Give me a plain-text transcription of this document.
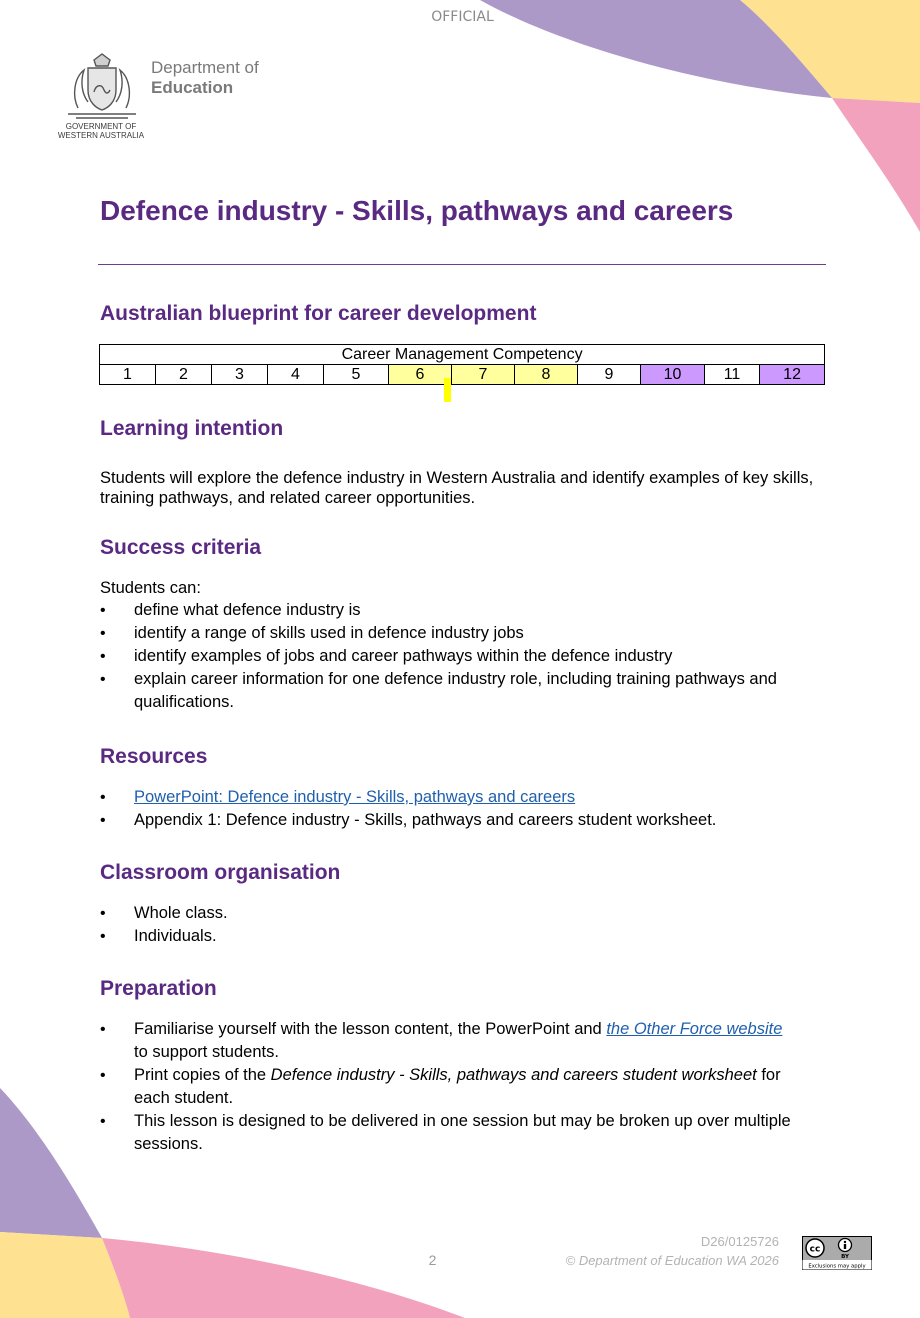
OFFICIAL
GOVERNMENT OF
WESTERN AUSTRALIA
Department of
Education
Defence industry - Skills, pathways and careers
Australian blueprint for career development
Career Management Competency
1	2	3	4	5	6	7	8	9	10	11	12
Learning intention
Students will explore the defence industry in Western Australia and identify examples of key skills, training pathways, and related career opportunities.
Success criteria
Students can:
• define what defence industry is
• identify a range of skills used in defence industry jobs
• identify examples of jobs and career pathways within the defence industry
• explain career information for one defence industry role, including training pathways and qualifications.
Resources
• PowerPoint: Defence industry - Skills, pathways and careers
• Appendix 1: Defence industry - Skills, pathways and careers student worksheet.
Classroom organisation
• Whole class.
• Individuals.
Preparation
• Familiarise yourself with the lesson content, the PowerPoint and the Other Force website to support students.
• Print copies of the Defence industry - Skills, pathways and careers student worksheet for each student.
• This lesson is designed to be delivered in one session but may be broken up over multiple sessions.
2
D26/0125726
© Department of Education WA 2026
cc
BY
Exclusions may apply
